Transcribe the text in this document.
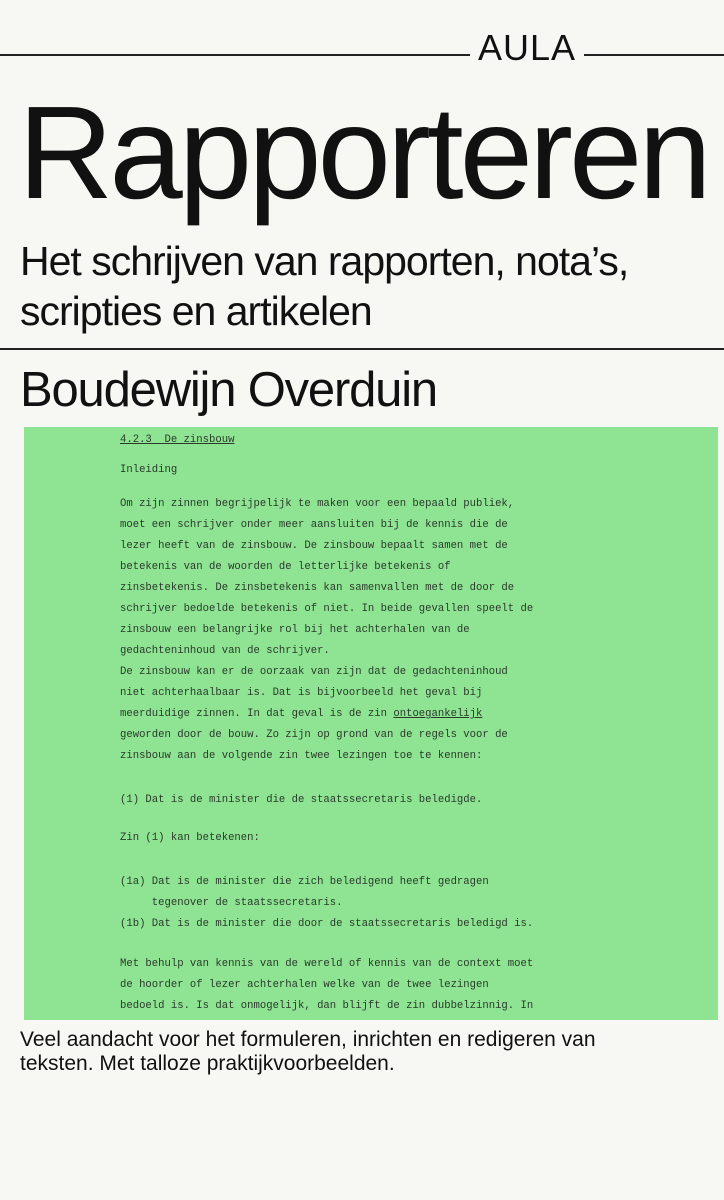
AULA
Rapporteren
Het schrijven van rapporten, nota’s,
scripties en artikelen
Boudewijn Overduin
4.2.3  De zinsbouw
Inleiding
Om zijn zinnen begrijpelijk te maken voor een bepaald publiek,
moet een schrijver onder meer aansluiten bij de kennis die de
lezer heeft van de zinsbouw. De zinsbouw bepaalt samen met de
betekenis van de woorden de letterlijke betekenis of
zinsbetekenis. De zinsbetekenis kan samenvallen met de door de
schrijver bedoelde betekenis of niet. In beide gevallen speelt de
zinsbouw een belangrijke rol bij het achterhalen van de
gedachteninhoud van de schrijver.
De zinsbouw kan er de oorzaak van zijn dat de gedachteninhoud
niet achterhaalbaar is. Dat is bijvoorbeeld het geval bij
meerduidige zinnen. In dat geval is de zin ontoegankelijk
geworden door de bouw. Zo zijn op grond van de regels voor de
zinsbouw aan de volgende zin twee lezingen toe te kennen:
(1) Dat is de minister die de staatssecretaris beledigde.
Zin (1) kan betekenen:
(1a) Dat is de minister die zich beledigend heeft gedragen
tegenover de staatssecretaris.
(1b) Dat is de minister die door de staatssecretaris beledigd is.
Met behulp van kennis van de wereld of kennis van de context moet
de hoorder of lezer achterhalen welke van de twee lezingen
bedoeld is. Is dat onmogelijk, dan blijft de zin dubbelzinnig. In
Veel aandacht voor het formuleren, inrichten en redigeren van
teksten. Met talloze praktijkvoorbeelden.
